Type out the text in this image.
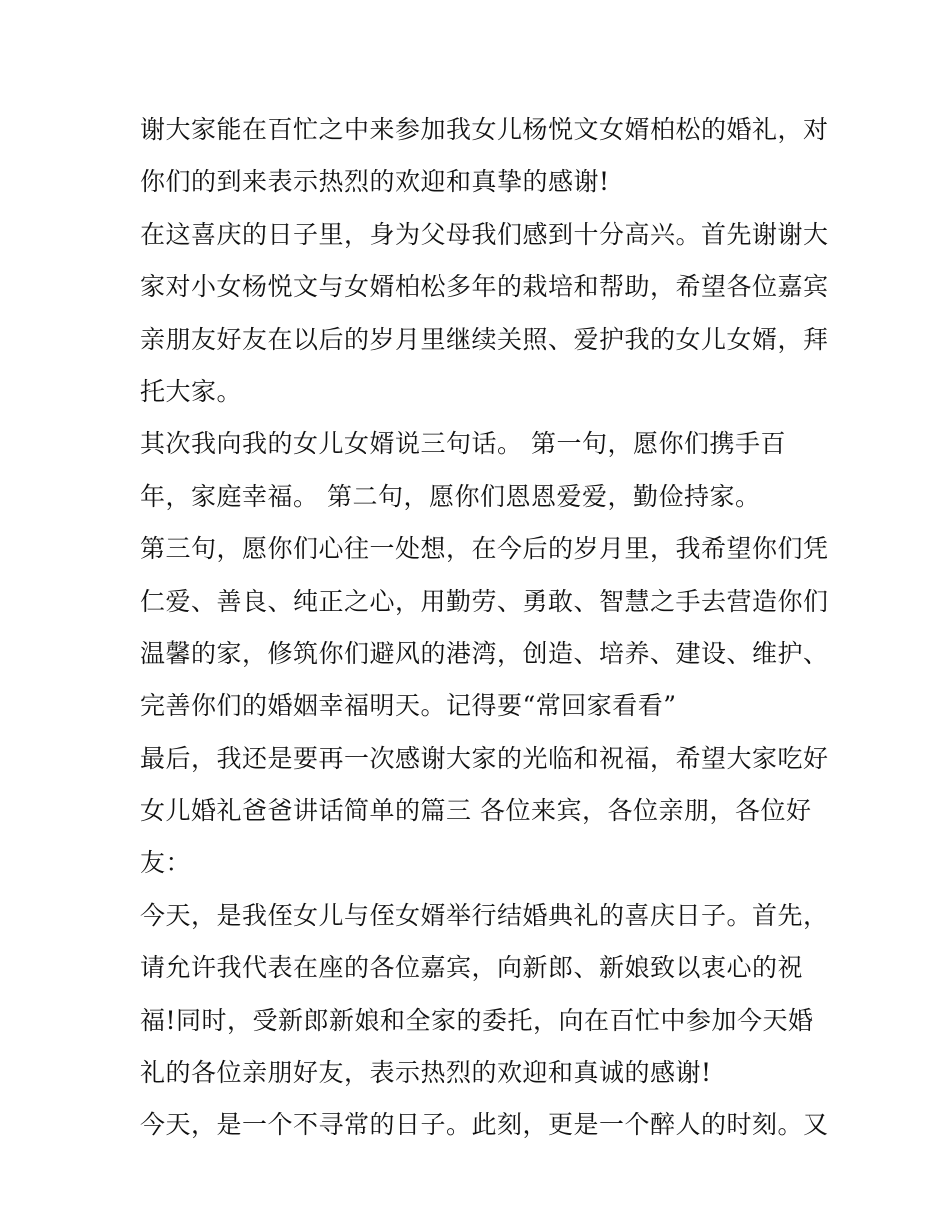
谢大家能在百忙之中来参加我女儿杨悦文女婿柏松的婚礼，对
你们的到来表示热烈的欢迎和真挚的感谢!
在这喜庆的日子里，身为父母我们感到十分高兴。首先谢谢大
家对小女杨悦文与女婿柏松多年的栽培和帮助，希望各位嘉宾
亲朋友好友在以后的岁月里继续关照、爱护我的女儿女婿，拜
托大家。
其次我向我的女儿女婿说三句话。 第一句，愿你们携手百
年，家庭幸福。 第二句，愿你们恩恩爱爱，勤俭持家。
第三句，愿你们心往一处想，在今后的岁月里，我希望你们凭
仁爱、善良、纯正之心，用勤劳、勇敢、智慧之手去营造你们
温馨的家，修筑你们避风的港湾，创造、培养、建设、维护、
完善你们的婚姻幸福明天。记得要“常回家看看”
最后，我还是要再一次感谢大家的光临和祝福，希望大家吃好
女儿婚礼爸爸讲话简单的篇三 各位来宾，各位亲朋，各位好
友：
今天，是我侄女儿与侄女婿举行结婚典礼的喜庆日子。首先，
请允许我代表在座的各位嘉宾，向新郎、新娘致以衷心的祝
福!同时，受新郎新娘和全家的委托，向在百忙中参加今天婚
礼的各位亲朋好友，表示热烈的欢迎和真诚的感谢!
今天，是一个不寻常的日子。此刻，更是一个醉人的时刻。又
